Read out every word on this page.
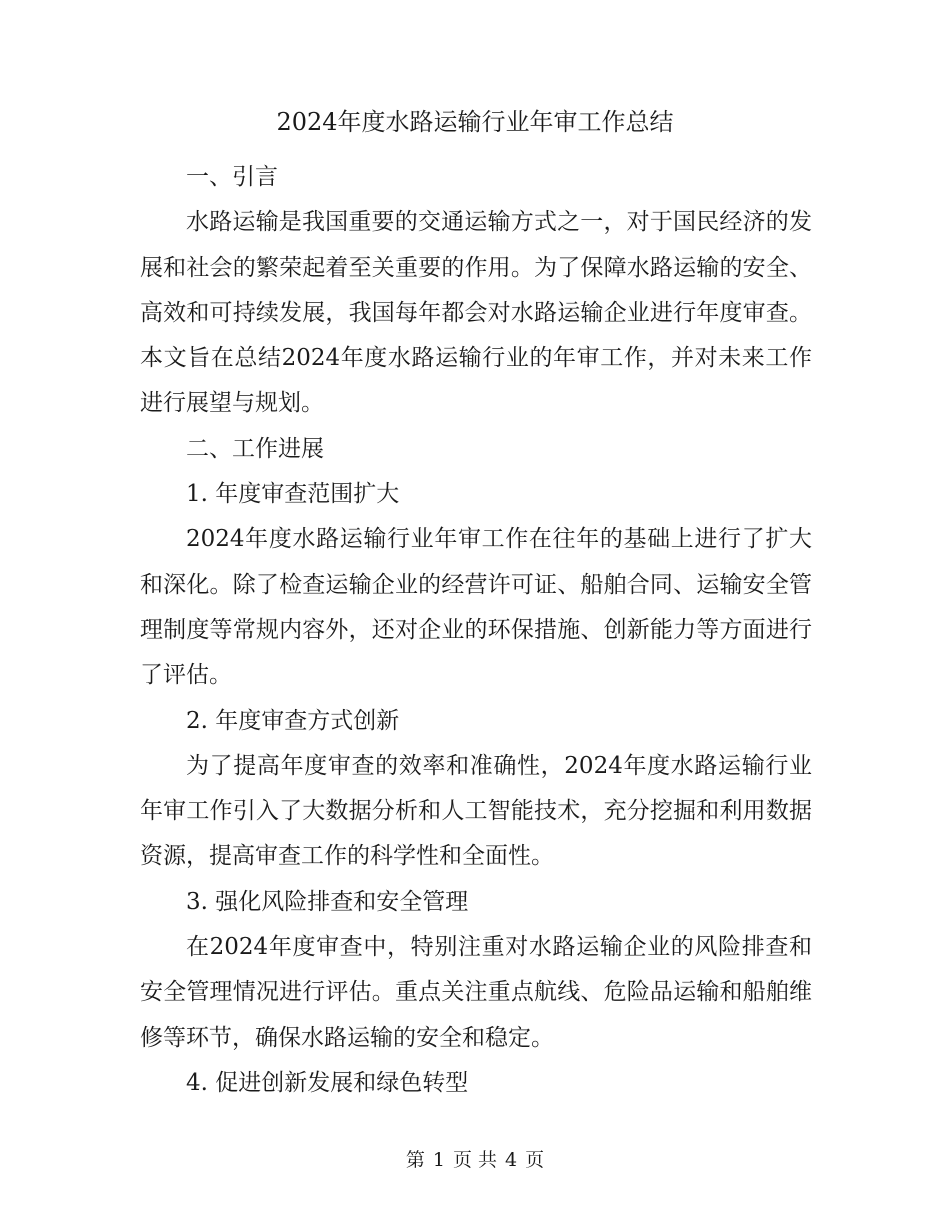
2024年度水路运输行业年审工作总结

一、引言

水路运输是我国重要的交通运输方式之一，对于国民经济的发展和社会的繁荣起着至关重要的作用。为了保障水路运输的安全、高效和可持续发展，我国每年都会对水路运输企业进行年度审查。本文旨在总结2024年度水路运输行业的年审工作，并对未来工作进行展望与规划。

二、工作进展

1. 年度审查范围扩大

2024年度水路运输行业年审工作在往年的基础上进行了扩大和深化。除了检查运输企业的经营许可证、船舶合同、运输安全管理制度等常规内容外，还对企业的环保措施、创新能力等方面进行了评估。

2. 年度审查方式创新

为了提高年度审查的效率和准确性，2024年度水路运输行业年审工作引入了大数据分析和人工智能技术，充分挖掘和利用数据资源，提高审查工作的科学性和全面性。

3. 强化风险排查和安全管理

在2024年度审查中，特别注重对水路运输企业的风险排查和安全管理情况进行评估。重点关注重点航线、危险品运输和船舶维修等环节，确保水路运输的安全和稳定。

4. 促进创新发展和绿色转型

第 1 页 共 4 页
